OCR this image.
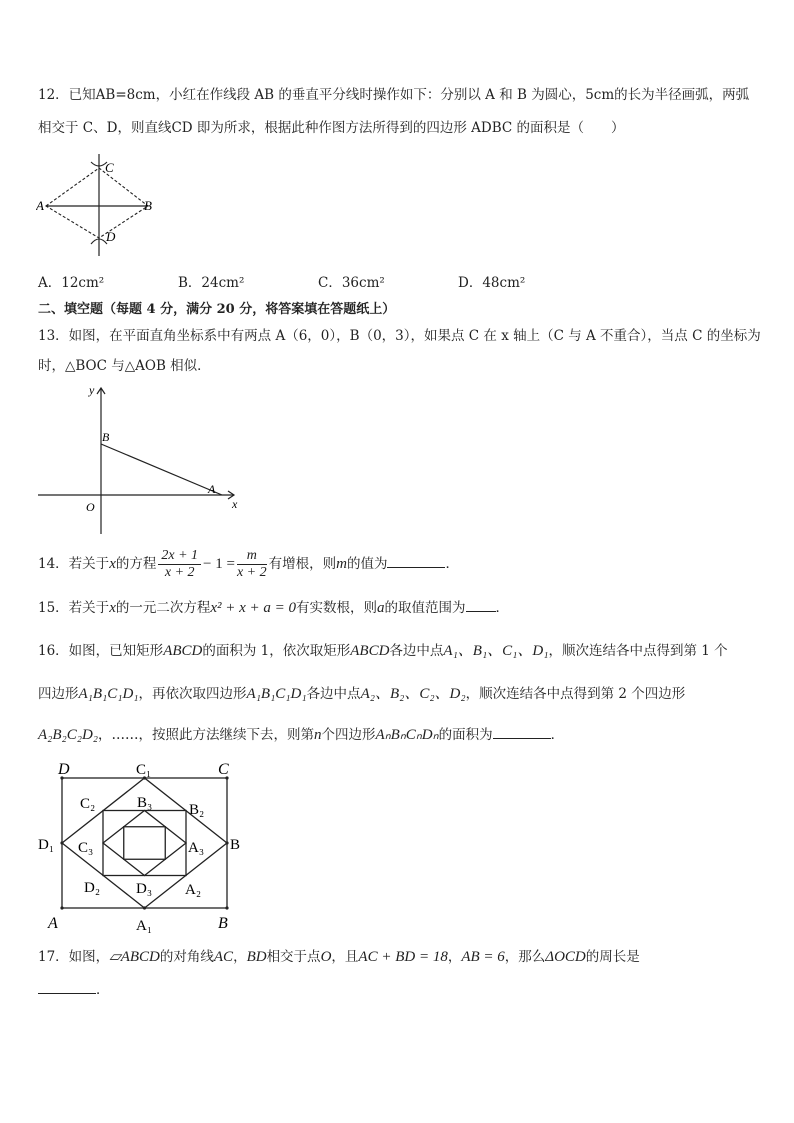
12．已知AB=8cm，小红在作线段 AB 的垂直平分线时操作如下：分别以 A 和 B 为圆心，5cm的长为半径画弧，两弧
相交于 C、D，则直线CD 即为所求，根据此种作图方法所得到的四边形 ADBC 的面积是（　　）
C
A	B
D
A．12cm²	B．24cm²	C．36cm²	D．48cm²
二、填空题（每题 4 分，满分 20 分，将答案填在答题纸上）
13．如图，在平面直角坐标系中有两点 A（6，0），B（0，3），如果点 C 在 x 轴上（C 与 A 不重合），当点 C 的坐标为
时，△BOC 与△AOB 相似．
y
x
O
A
B
14．若关于x的方程 $\frac{2x + 1}{x + 2} - 1 = \frac{m}{x + 2}$ 有增根，则m的值为	．
15．若关于x的一元二次方程x² + x + a = 0有实数根，则a的取值范围为 ．
16．如图，已知矩形ABCD的面积为 1，依次取矩形ABCD各边中点A₁、B₁、C₁、D₁，顺次连结各中点得到第 1 个
四边形A₁B₁C₁D₁，再依次取四边形A₁B₁C₁D₁各边中点A₂、B₂、C₂、D₂，顺次连结各中点得到第 2 个四边形
A₂B₂C₂D₂，……，按照此方法继续下去，则第n个四边形AₙBₙCₙDₙ的面积为	．
D	C
A	B
C₁
A₁
D₁	B
C₂	B₂
D₂	A₂
B₃
D₃
C₃	A₃
17．如图，▱ABCD的对角线AC，BD相交于点O，且AC + BD = 18，AB = 6，那么ΔOCD的周长是
．
